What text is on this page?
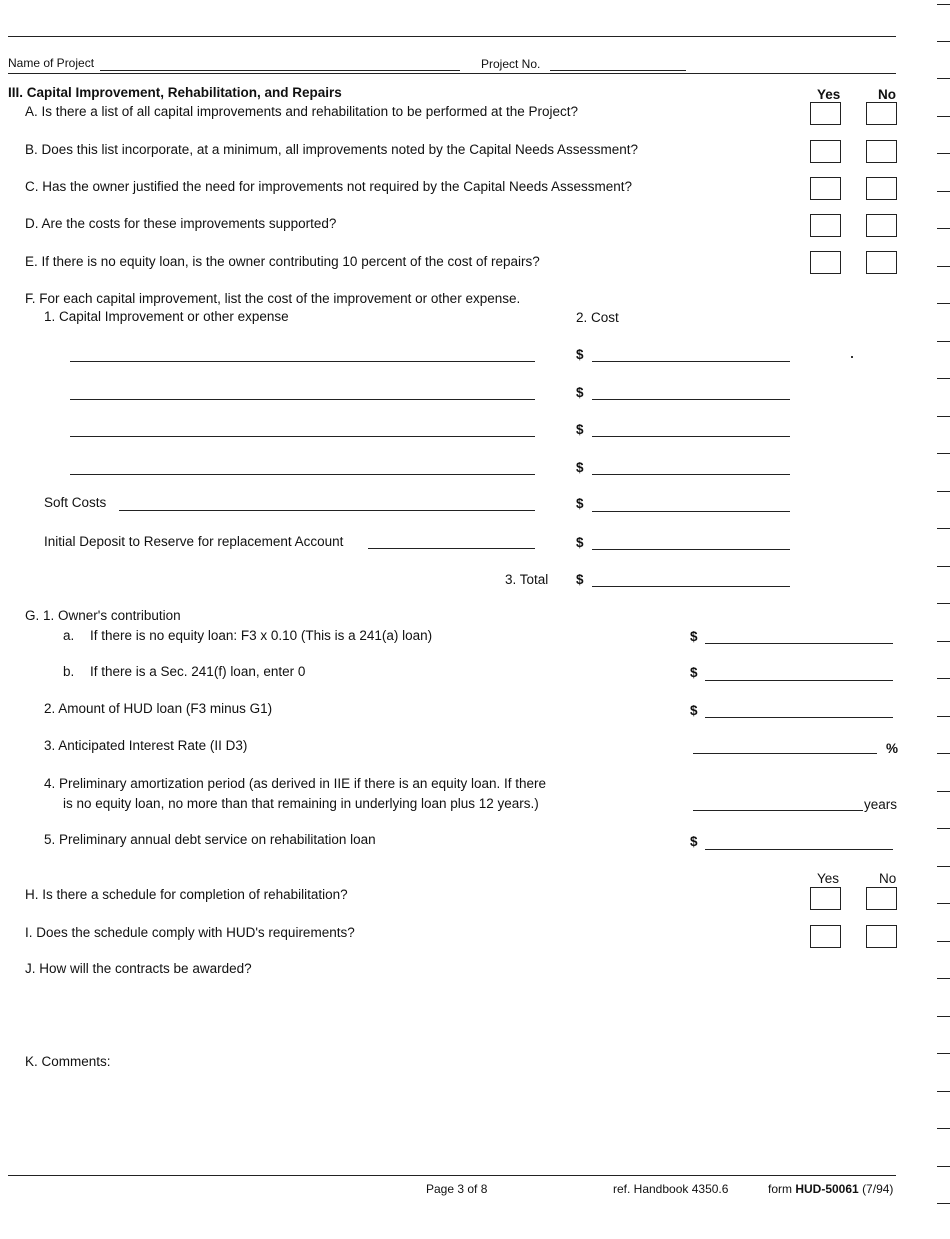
Name of Project	Project No.
III. Capital Improvement, Rehabilitation, and Repairs	Yes	No
A. Is there a list of all capital improvements and rehabilitation to be performed at the Project?
B. Does this list incorporate, at a minimum, all improvements noted by the Capital Needs Assessment?
C. Has the owner justified the need for improvements not required by the Capital Needs Assessment?
D. Are the costs for these improvements supported?
E. If there is no equity loan, is the owner contributing 10 percent of the cost of repairs?
F. For each capital improvement, list the cost of the improvement or other expense.
1. Capital Improvement or other expense	2. Cost
$
$
$
$
Soft Costs	$
Initial Deposit to Reserve for replacement Account	$
3. Total $
G. 1. Owner's contribution
a. If there is no equity loan: F3 x 0.10 (This is a 241(a) loan)	$
b. If there is a Sec. 241(f) loan, enter 0	$
2. Amount of HUD loan (F3 minus G1)	$
3. Anticipated Interest Rate (II D3)	%
4. Preliminary amortization period (as derived in IIE if there is an equity loan. If there
is no equity loan, no more than that remaining in underlying loan plus 12 years.)	years
5. Preliminary annual debt service on rehabilitation loan	$
Yes	No
H. Is there a schedule for completion of rehabilitation?
I. Does the schedule comply with HUD's requirements?
J. How will the contracts be awarded?
K. Comments:
Page 3 of 8	ref. Handbook 4350.6	form HUD-50061 (7/94)
